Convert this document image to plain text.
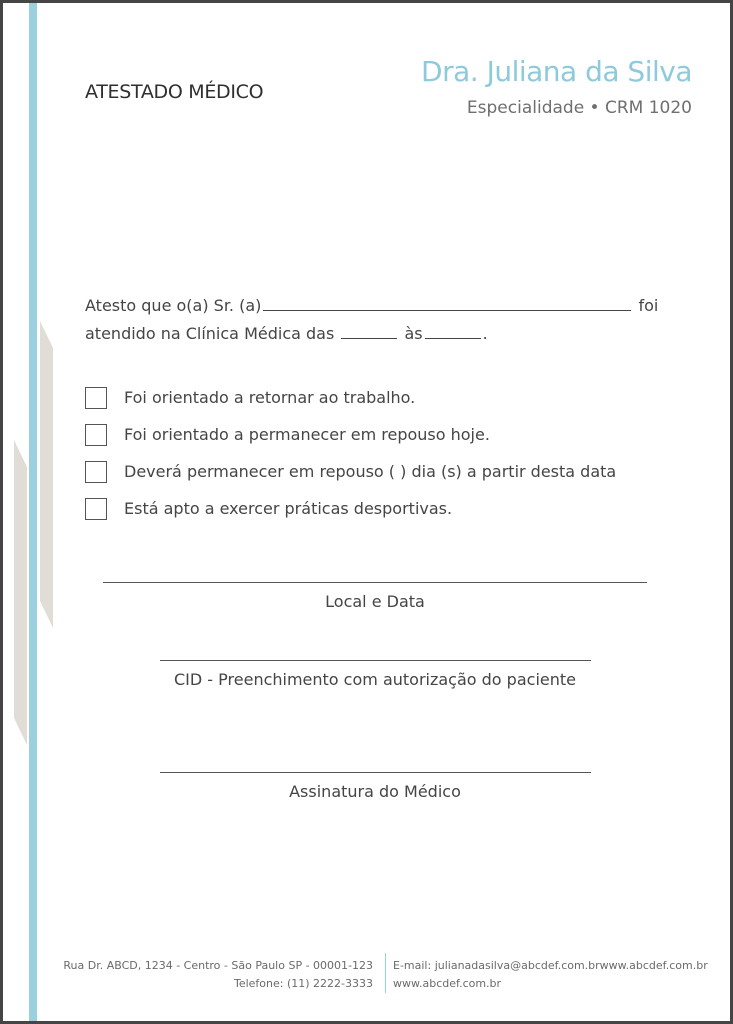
ATESTADO MÉDICO
Dra. Juliana da Silva
Especialidade • CRM 1020
Atesto que o(a) Sr. (a)	foi
atendido na Clínica Médica das	às	.
Foi orientado a retornar ao trabalho.
Foi orientado a permanecer em repouso hoje.
Deverá permanecer em repouso ( ) dia (s) a partir desta data
Está apto a exercer práticas desportivas.
Local e Data
CID - Preenchimento com autorização do paciente
Assinatura do Médico
Rua Dr. ABCD, 1234 - Centro - São Paulo SP - 00001-123
Telefone: (11) 2222-3333
E-mail: julianadasilva@abcdef.com.brwww.abcdef.com.br
www.abcdef.com.br
